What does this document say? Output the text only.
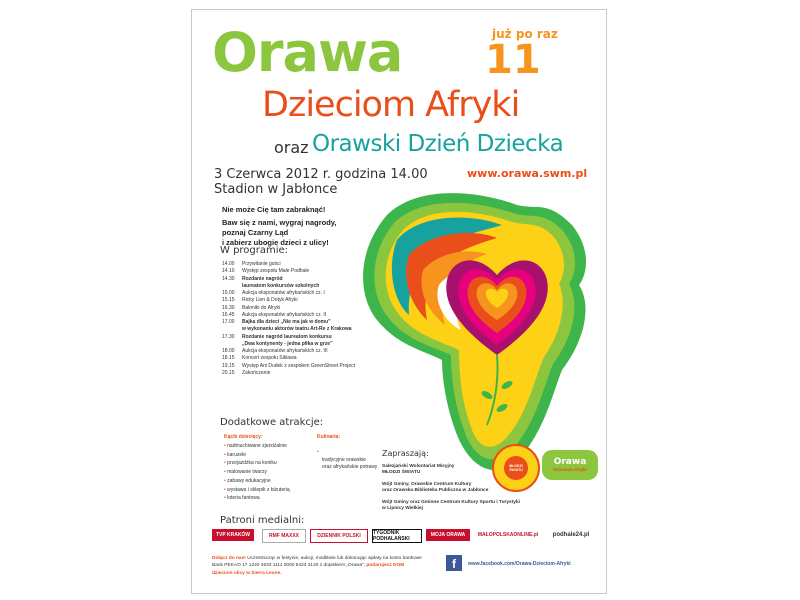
Orawa	już po raz
11
Dzieciom Afryki
oraz Orawski Dzień Dziecka
3 Czerwca 2012 r. godzina 14.00
Stadion w Jabłonce
www.orawa.swm.pl
Nie może Cię tam zabraknąć!
Baw się z nami, wygraj nagrody,
poznaj Czarny Ląd
i zabierz ubogie dzieci z ulicy!
W programie:
14.00	Przywitanie gości
14.10	Występ zespołu Małe Podhale
14.30	Rozdanie nagród
laureatom konkursów szkolnych
15.00	Aukcja eksponatów afrykańskich cz. I
15.15	Ricky Lion & Dotyk Afryki
16.30	Baloniki do Afryki
16.45	Aukcja eksponatów afrykańskich cz. II
17.00	Bajka dla dzieci „Nie ma jak w domu”
w wykonaniu aktorów teatru Art-Re z Krakowa
17.30	Rozdanie nagród laureatom konkursu
„Dwa kontynenty - jedna piłka w grze”
18.00	Aukcja eksponatów afrykańskich cz. III
18.15	Koncert zespołu Siklawa
19.15	Występ Ani Dudek z zespołem GreenStreet Project
20.15	Zakończenie
Dodatkowe atrakcje:
Kącik dziecięcy:
• nadmuchiwane zjeżdżalnie
• karuzele
• przejażdżka na koniku
• malowanie twarzy
• zabawy edukacyjne
• wystawa i sklepik z biżuterią
• loteria fantowa
Kulinaria:

•

tradycyjne orawskie
oraz afrykańskie potrawy

Zapraszają:
Salezjański Wolontariat Misyjny
MŁODZI ŚWIATU
Wójt Gminy, Orawskie Centrum Kultury
oraz Orawska Biblioteka Publiczna w Jabłonce
Wójt Gminy oraz Gminne Centrum Kultury Sportu i Turystyki
w Lipnicy Wielkiej
MŁODZI ŚWIATU
Orawa
Dzieciom Afryki
Patroni medialni:
TVP KRAKÓW	RMF MAXXX	DZIENNIK POLSKI	TYGODNIK PODHALAŃSKI
MOJA ORAWA	MAŁOPOLSKAONLINE.pl	podhale24.pl
Dołącz do nas! Uczestnicząc w festynie, aukcji, modlitwie lub dokonując wpłaty na konto bankowe Bank PEKAO 17 1240 4533 1111 0000 5423 3120 z dopiskiem „Orawa”, podarujesz DOM dzieciom ulicy w Sierra Leone.
f	www.facebook.com/Orawa-Dzieciom-Afryki
